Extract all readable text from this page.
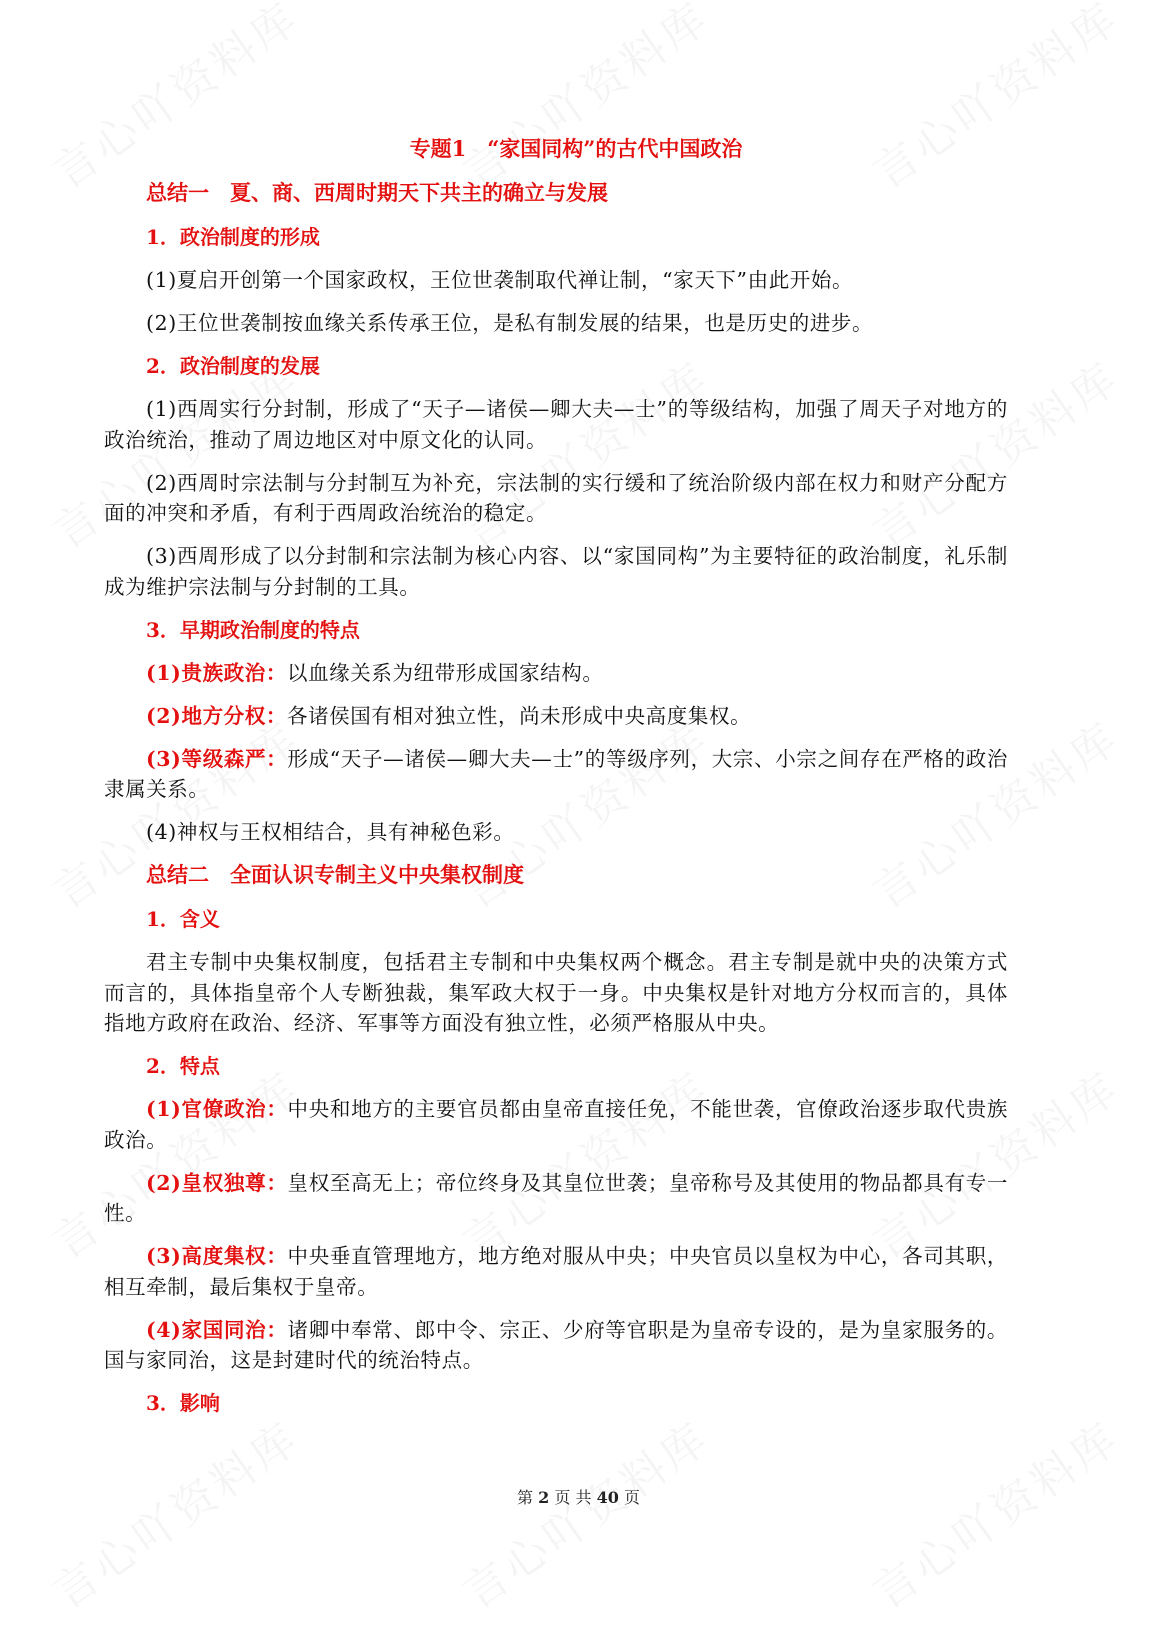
专题1　“家国同构”的古代中国政治
总结一　夏、商、西周时期天下共主的确立与发展
1．政治制度的形成
(1)夏启开创第一个国家政权，王位世袭制取代禅让制，“家天下”由此开始。
(2)王位世袭制按血缘关系传承王位，是私有制发展的结果，也是历史的进步。
2．政治制度的发展
(1)西周实行分封制，形成了“天子—诸侯—卿大夫—士”的等级结构，加强了周天子对地方的政治统治，推动了周边地区对中原文化的认同。
(2)西周时宗法制与分封制互为补充，宗法制的实行缓和了统治阶级内部在权力和财产分配方面的冲突和矛盾，有利于西周政治统治的稳定。
(3)西周形成了以分封制和宗法制为核心内容、以“家国同构”为主要特征的政治制度，礼乐制成为维护宗法制与分封制的工具。
3．早期政治制度的特点
(1)贵族政治：以血缘关系为纽带形成国家结构。
(2)地方分权：各诸侯国有相对独立性，尚未形成中央高度集权。
(3)等级森严：形成“天子—诸侯—卿大夫—士”的等级序列，大宗、小宗之间存在严格的政治隶属关系。
(4)神权与王权相结合，具有神秘色彩。
总结二　全面认识专制主义中央集权制度
1．含义
君主专制中央集权制度，包括君主专制和中央集权两个概念。君主专制是就中央的决策方式而言的，具体指皇帝个人专断独裁，集军政大权于一身。中央集权是针对地方分权而言的，具体指地方政府在政治、经济、军事等方面没有独立性，必须严格服从中央。
2．特点
(1)官僚政治：中央和地方的主要官员都由皇帝直接任免，不能世袭，官僚政治逐步取代贵族政治。
(2)皇权独尊：皇权至高无上；帝位终身及其皇位世袭；皇帝称号及其使用的物品都具有专一性。
(3)高度集权：中央垂直管理地方，地方绝对服从中央；中央官员以皇权为中心，各司其职，相互牵制，最后集权于皇帝。
(4)家国同治：诸卿中奉常、郎中令、宗正、少府等官职是为皇帝专设的，是为皇家服务的。国与家同治，这是封建时代的统治特点。
3．影响
第 2 页 共 40 页
